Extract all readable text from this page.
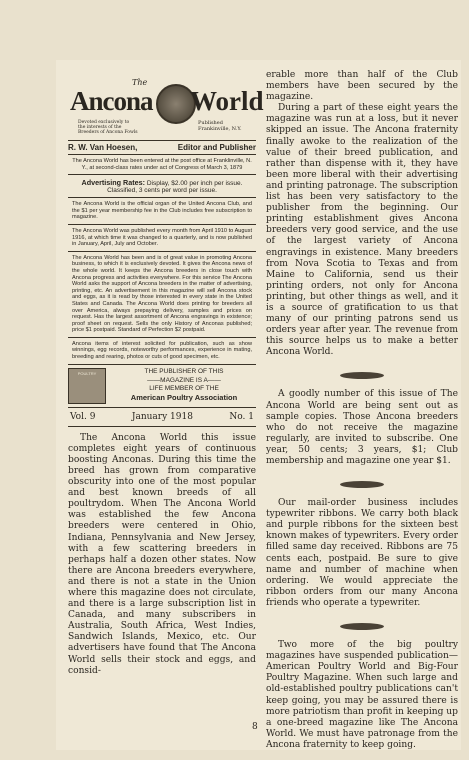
The
Ancona World
Devoted exclusively to
the interests of the
Breeders of Ancona Fowls
Published
Frankinville, N.Y.
R. W. Van Hoesen,	Editor and Publisher
The Ancona World has been entered at the post office at Franklinville, N. Y., at second-class rates under act of Congress of March 3, 1879
Advertising Rates: Display, $2.00 per inch per issue. Classified, 3 cents per word per issue.
The Ancona World is the official organ of the United Ancona Club, and the $1 per year membership fee in the Club includes free subscription to magazine.
The Ancona World was published every month from April 1910 to August 1916, at which time it was changed to a quarterly, and is now published in January, April, July and October.
The Ancona World has been and is of great value in promoting Ancona business, to which it is exclusively devoted. It gives the Ancona news of the whole world. It keeps the Ancona breeders in close touch with Ancona progress and activities everywhere. For this service The Ancona World asks the support of Ancona breeders in the matter of advertising, printing, etc. An advertisement in this magazine will sell Ancona stock and eggs, as it is read by those interested in every state in the United States and Canada. The Ancona World does printing for breeders all over America, always prepaying delivery, samples and prices on request. Has the largest assortment of Ancona engravings in existence; proof sheet on request. Sells the only History of Anconas published; price $1 postpaid. Standard of Perfection $2 postpaid.
Ancona items of interest solicited for publication, such as show winnings, egg records, noteworthy performances, experience in mating, breeding and rearing, photos or cuts of good specimen, etc.
POULTRY	THE PUBLISHER OF THIS
——MAGAZINE IS A——
LIFE MEMBER OF THE
American Poultry Association
Vol. 9	January 1918	No. 1

The Ancona World this issue completes eight years of continuous boosting Anconas. During this time the breed has grown from comparative obscurity into one of the most popular and best known breeds of all poultrydom. When The Ancona World was established the few Ancona breeders were centered in Ohio, Indiana, Pennsylvania and New Jersey, with a few scattering breeders in perhaps half a dozen other states. Now there are Ancona breeders everywhere, and there is not a state in the Union where this magazine does not circulate, and there is a large subscription list in Canada, and many subscribers in Australia, South Africa, West Indies, Sandwich Islands, Mexico, etc. Our advertisers have found that The Ancona World sells their stock and eggs, and consid-

erable more than half of the Club members have been secured by the magazine.

During a part of these eight years the magazine was run at a loss, but it never skipped an issue. The Ancona fraternity finally awoke to the realization of the value of their breed publication, and rather than dispense with it, they have been more liberal with their advertising and printing patronage. The subscription list has been very satisfactory to the publisher from the beginning. Our printing establishment gives Ancona breeders very good service, and the use of the largest variety of Ancona engravings in existence. Many breeders from Nova Scotia to Texas and from Maine to California, send us their printing orders, not only for Ancona printing, but other things as well, and it is a source of gratification to us that many of our printing patrons send us orders year after year. The revenue from this source helps us to make a better Ancona World.

A goodly number of this issue of The Ancona World are being sent out as sample copies. Those Ancona breeders who do not receive the magazine regularly, are invited to subscribe. One year, 50 cents; 3 years, $1; Club membership and magazine one year $1.

Our mail-order business includes typewriter ribbons. We carry both black and purple ribbons for the sixteen best known makes of typewriters. Every order filled same day received. Ribbons are 75 cents each, postpaid. Be sure to give name and number of machine when ordering. We would appreciate the ribbon orders from our many Ancona friends who operate a typewriter.

Two more of the big poultry magazines have suspended publication—American Poultry World and Big-Four Poultry Magazine. When such large and old-established poultry publications can't keep going, you may be assured there is more patriotism than profit in keeping up a one-breed magazine like The Ancona World. We must have patronage from the Ancona fraternity to keep going.

8
